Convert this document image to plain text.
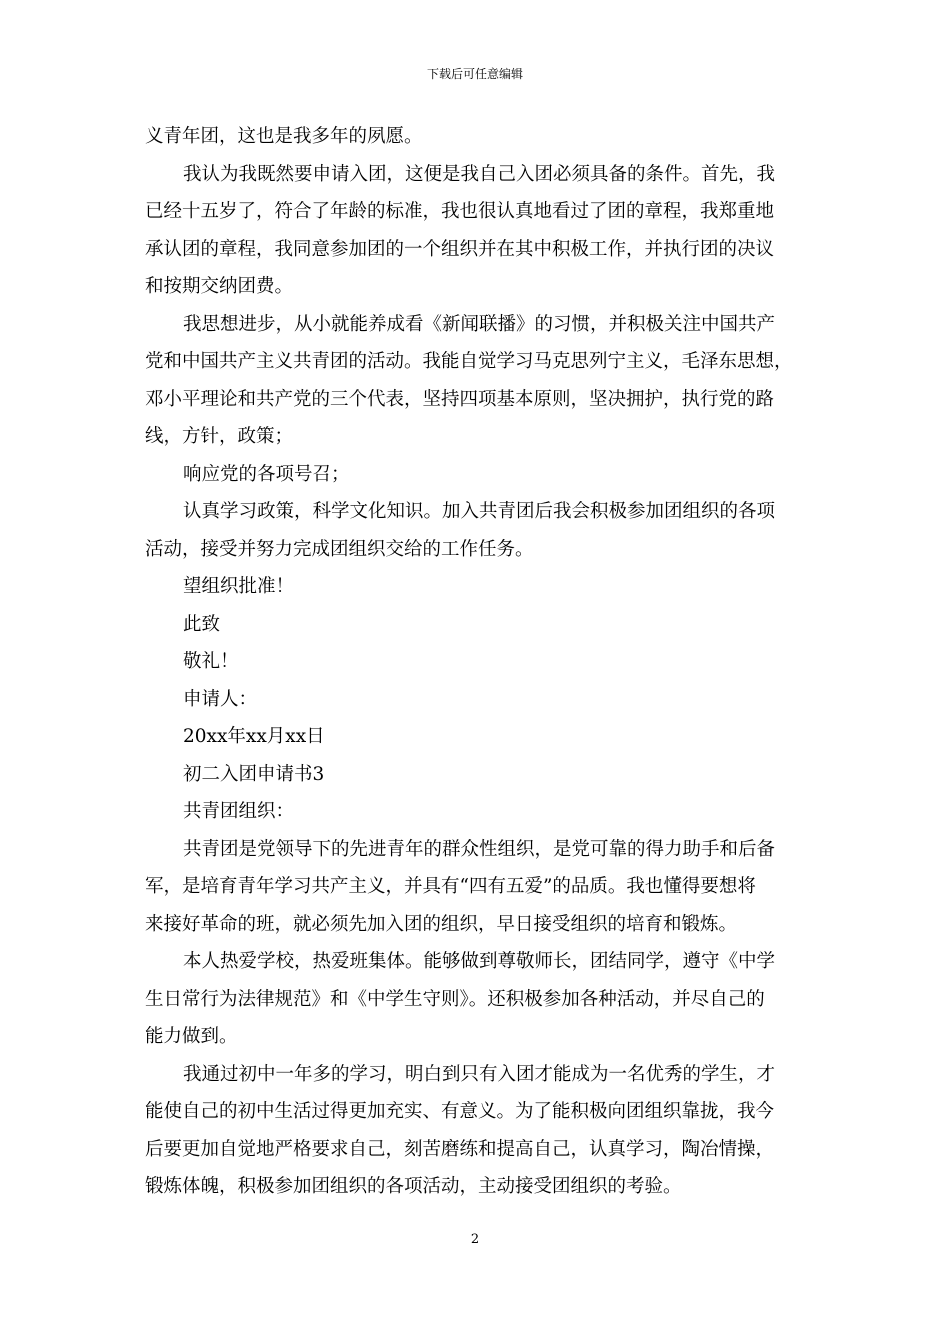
下载后可任意编辑
义青年团，这也是我多年的夙愿。
我认为我既然要申请入团，这便是我自己入团必须具备的条件。首先，我
已经十五岁了，符合了年龄的标准，我也很认真地看过了团的章程，我郑重地
承认团的章程，我同意参加团的一个组织并在其中积极工作，并执行团的决议
和按期交纳团费。
我思想进步，从小就能养成看《新闻联播》的习惯，并积极关注中国共产
党和中国共产主义共青团的活动。我能自觉学习马克思列宁主义，毛泽东思想，
邓小平理论和共产党的三个代表，坚持四项基本原则，坚决拥护，执行党的路
线，方针，政策；
响应党的各项号召；
认真学习政策，科学文化知识。加入共青团后我会积极参加团组织的各项
活动，接受并努力完成团组织交给的工作任务。
望组织批准！
此致
敬礼！
申请人：
20xx年xx月xx日
初二入团申请书3
共青团组织：
共青团是党领导下的先进青年的群众性组织，是党可靠的得力助手和后备
军，是培育青年学习共产主义，并具有“四有五爱”的品质。我也懂得要想将
来接好革命的班，就必须先加入团的组织，早日接受组织的培育和锻炼。
本人热爱学校，热爱班集体。能够做到尊敬师长，团结同学，遵守《中学
生日常行为法律规范》和《中学生守则》。还积极参加各种活动，并尽自己的
能力做到。
我通过初中一年多的学习，明白到只有入团才能成为一名优秀的学生，才
能使自己的初中生活过得更加充实、有意义。为了能积极向团组织靠拢，我今
后要更加自觉地严格要求自己，刻苦磨练和提高自己，认真学习，陶冶情操，
锻炼体魄，积极参加团组织的各项活动，主动接受团组织的考验。
2
